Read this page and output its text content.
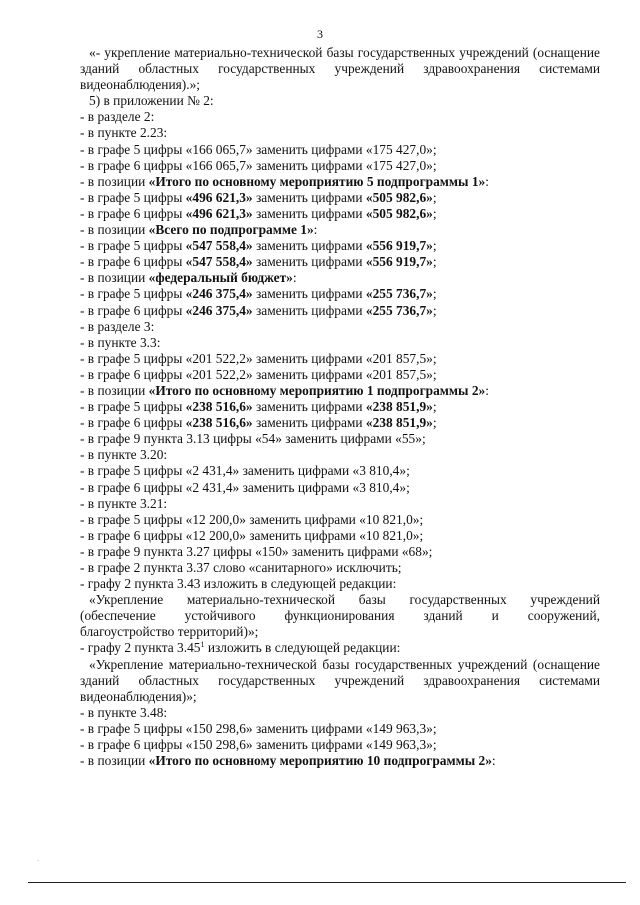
3
«- укрепление материально-технической базы государственных учреждений (оснащение зданий областных государственных учреждений здравоохранения системами видеонаблюдения).»;
5) в приложении № 2:
- в разделе 2:
- в пункте 2.23:
- в графе 5 цифры «166 065,7» заменить цифрами «175 427,0»;
- в графе 6 цифры «166 065,7» заменить цифрами «175 427,0»;
- в позиции «Итого по основному мероприятию 5 подпрограммы 1»:
- в графе 5 цифры «496 621,3» заменить цифрами «505 982,6»;
- в графе 6 цифры «496 621,3» заменить цифрами «505 982,6»;
- в позиции «Всего по подпрограмме 1»:
- в графе 5 цифры «547 558,4» заменить цифрами «556 919,7»;
- в графе 6 цифры «547 558,4» заменить цифрами «556 919,7»;
- в позиции «федеральный бюджет»:
- в графе 5 цифры «246 375,4» заменить цифрами «255 736,7»;
- в графе 6 цифры «246 375,4» заменить цифрами «255 736,7»;
- в разделе 3:
- в пункте 3.3:
- в графе 5 цифры «201 522,2» заменить цифрами «201 857,5»;
- в графе 6 цифры «201 522,2» заменить цифрами «201 857,5»;
- в позиции «Итого по основному мероприятию 1 подпрограммы 2»:
- в графе 5 цифры «238 516,6» заменить цифрами «238 851,9»;
- в графе 6 цифры «238 516,6» заменить цифрами «238 851,9»;
- в графе 9 пункта 3.13 цифры «54» заменить цифрами «55»;
- в пункте 3.20:
- в графе 5 цифры «2 431,4» заменить цифрами «3 810,4»;
- в графе 6 цифры «2 431,4» заменить цифрами «3 810,4»;
- в пункте 3.21:
- в графе 5 цифры «12 200,0» заменить цифрами «10 821,0»;
- в графе 6 цифры «12 200,0» заменить цифрами «10 821,0»;
- в графе 9 пункта 3.27 цифры «150» заменить цифрами «68»;
- в графе 2 пункта 3.37 слово «санитарного» исключить;
- графу 2 пункта 3.43 изложить в следующей редакции:
«Укрепление материально-технической базы государственных учреждений
(обеспечение устойчивого функционирования зданий и сооружений,
благоустройство территорий)»;
- графу 2 пункта 3.45$^1$ изложить в следующей редакции:
«Укрепление материально-технической базы государственных учреждений (оснащение зданий областных государственных учреждений здравоохранения системами видеонаблюдения)»;
- в пункте 3.48:
- в графе 5 цифры «150 298,6» заменить цифрами «149 963,3»;
- в графе 6 цифры «150 298,6» заменить цифрами «149 963,3»;
- в позиции «Итого по основному мероприятию 10 подпрограммы 2»:
·
